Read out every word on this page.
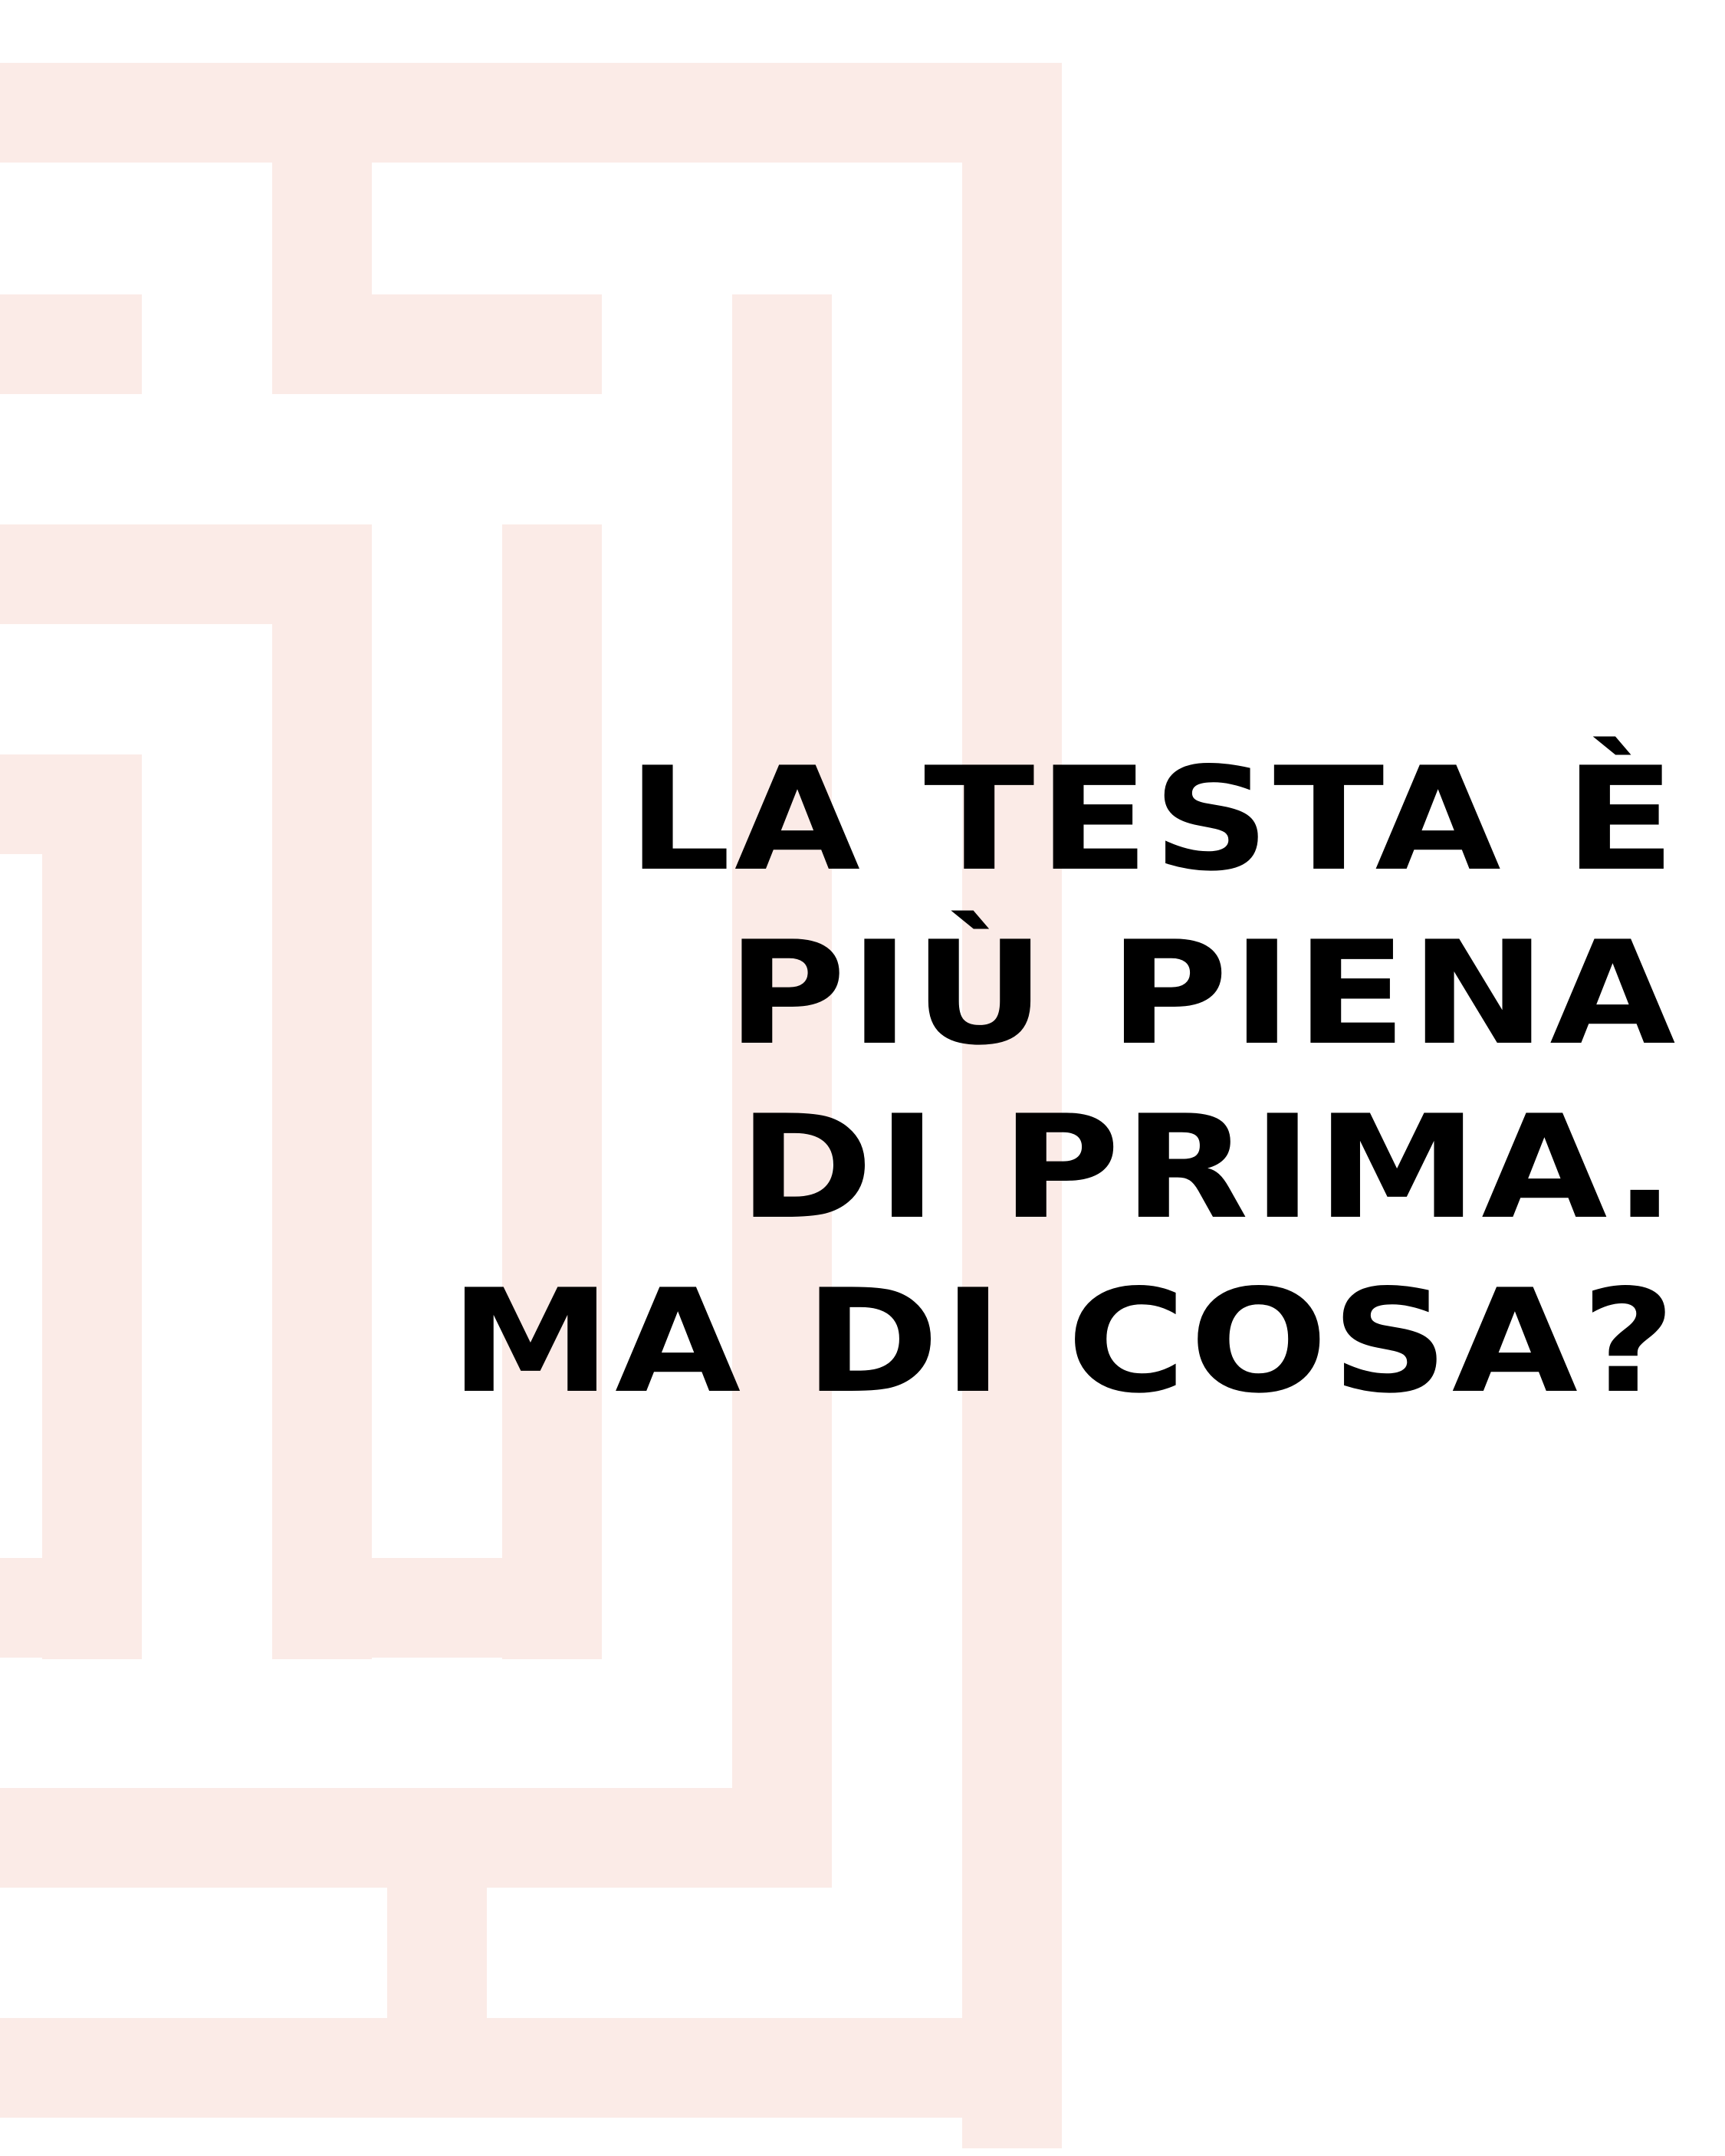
LA TESTA È
PIÙ PIENA
DI PRIMA.
MA DI COSA?
